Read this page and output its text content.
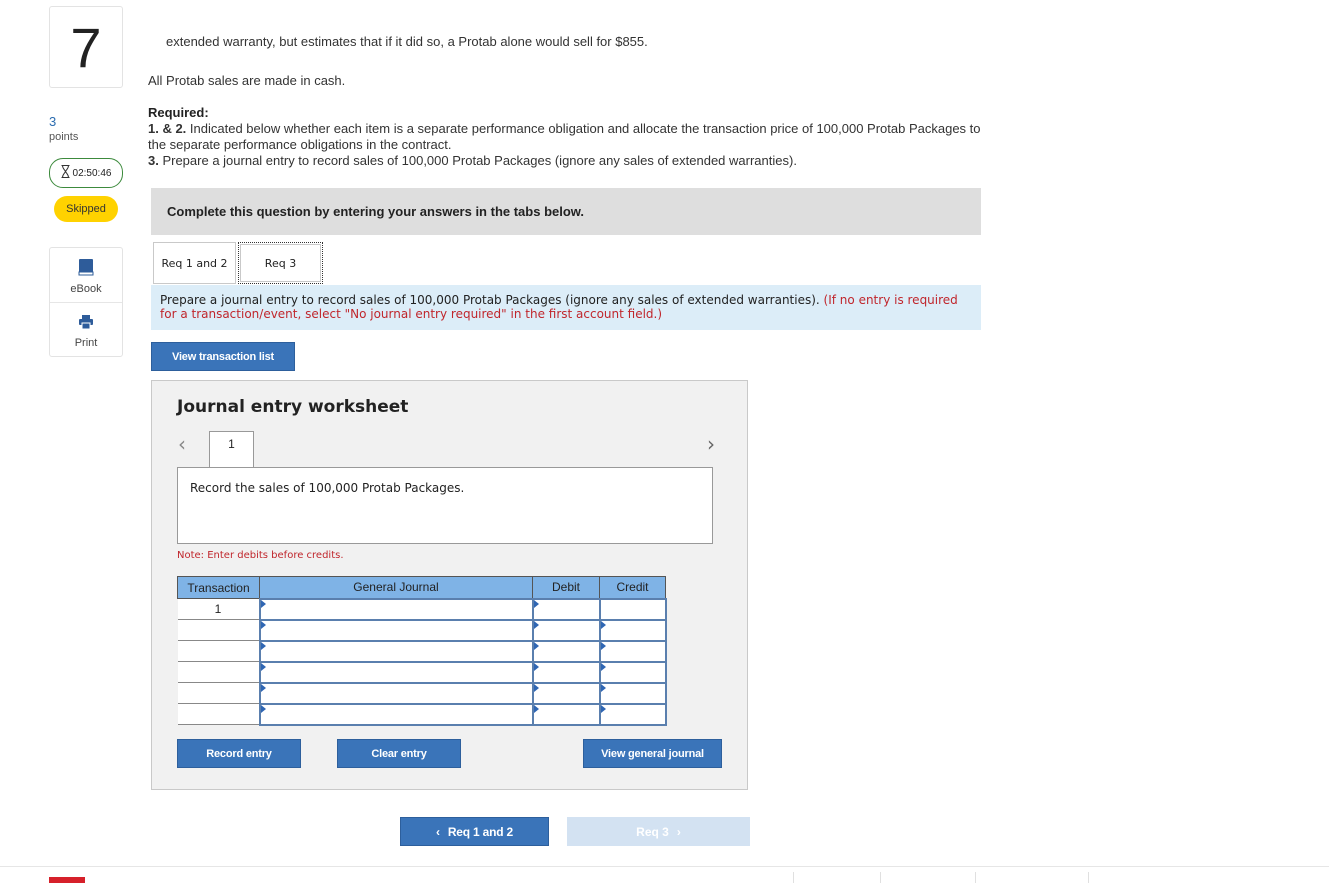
7
3
points
02:50:46
Skipped
eBook
Print
extended warranty, but estimates that if it did so, a Protab alone would sell for $855.
All Protab sales are made in cash.
Required:
1. & 2. Indicated below whether each item is a separate performance obligation and allocate the transaction price of 100,000 Protab Packages to the separate performance obligations in the contract.
3. Prepare a journal entry to record sales of 100,000 Protab Packages (ignore any sales of extended warranties).
Complete this question by entering your answers in the tabs below.
Req 1 and 2	Req 3
Prepare a journal entry to record sales of 100,000 Protab Packages (ignore any sales of extended warranties). (If no entry is required for a transaction/event, select "No journal entry required" in the first account field.)
View transaction list
Journal entry worksheet
‹	1	›
Record the sales of 100,000 Protab Packages.
Note: Enter debits before credits.
Transaction	General Journal	Debit	Credit
1			

Record entry	Clear entry	View general journal
‹ Req 1 and 2	Req 3 ›
